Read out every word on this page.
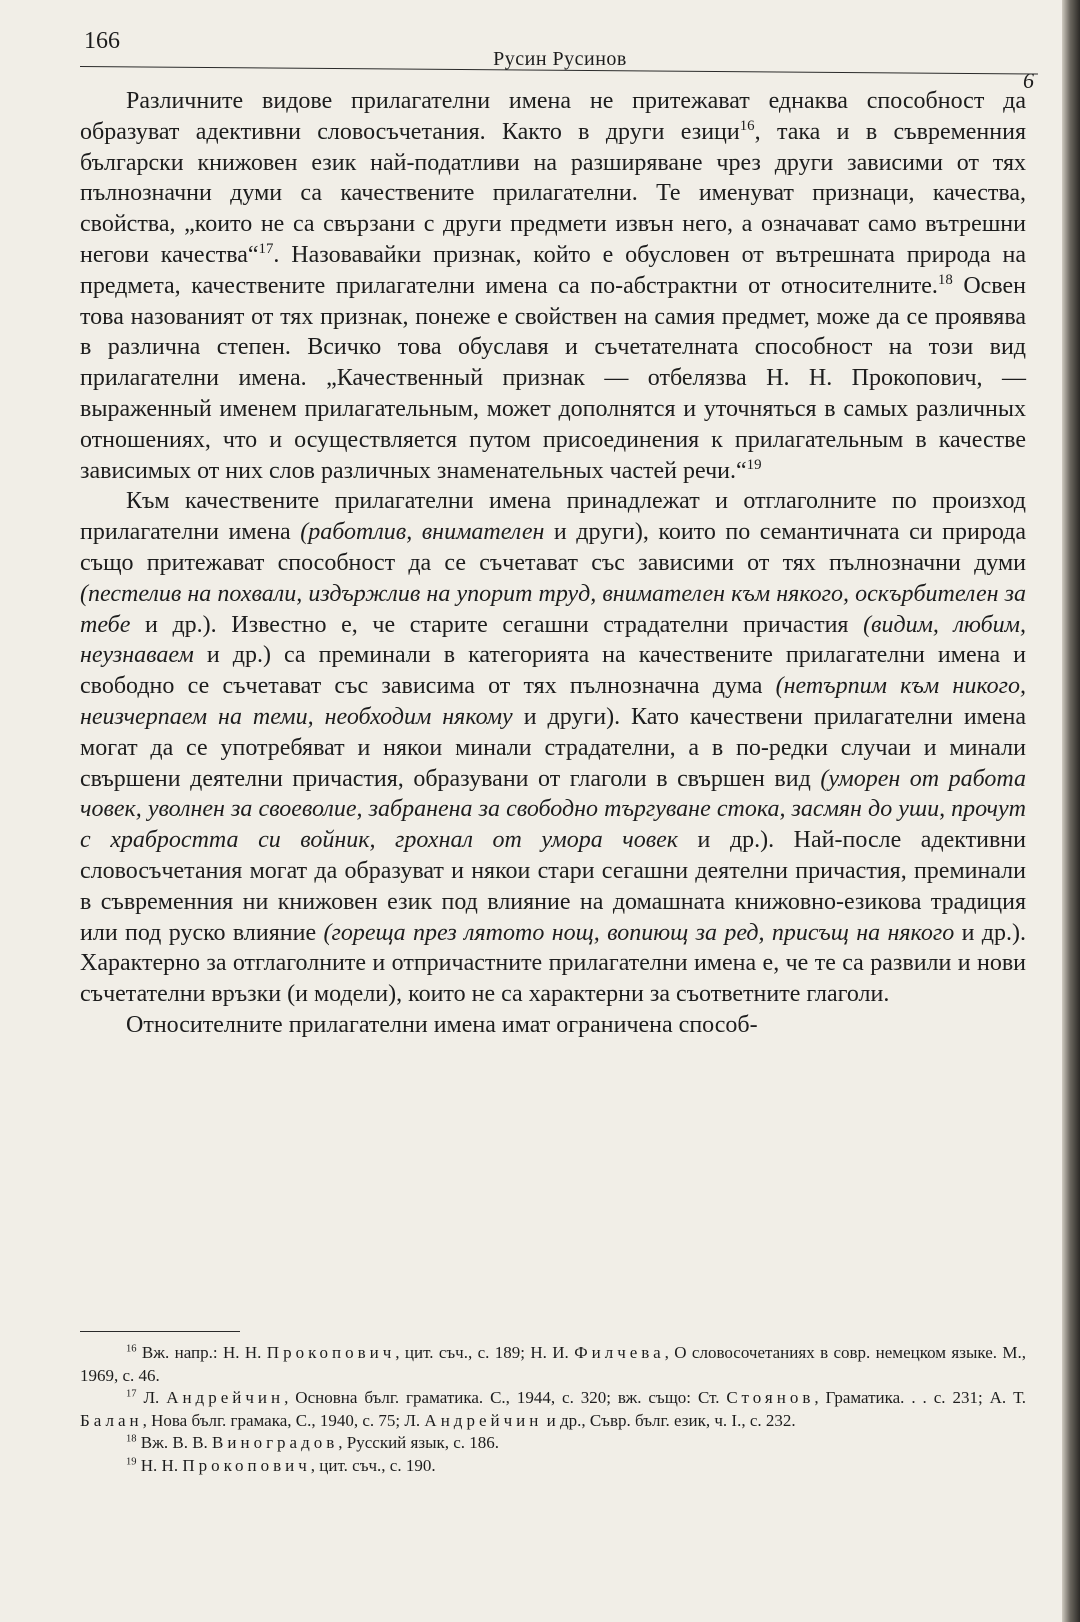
166
Русин Русинов
6

Различните видове прилагателни имена не притежават еднаква способност да образуват адективни словосъчетания. Както в други езици$^{16}$, така и в съвременния български книжовен език най-податливи на разширяване чрез други зависими от тях пълнозначни думи са качествените прилагателни. Те именуват признаци, качества, свойства, „които не са свързани с други предмети извън него, а означават само вътрешни негови качества“$^{17}$. Назовавайки признак, който е обусловен от вътрешната природа на предмета, качествените прилагателни имена са по-абстрактни от относителните.$^{18}$ Освен това назованият от тях признак, понеже е свойствен на самия предмет, може да се проявява в различна степен. Всичко това обуславя и съчетателната способност на този вид прилагателни имена. „Качественный признак — отбелязва Н. Н. Прокопович, — выраженный именем прилагательным, может дополнятся и уточняться в самых различных отношениях, что и осуществляется путом присоединения к прилагательным в качестве зависимых от них слов различных знаменательных частей речи.“$^{19}$

Към качествените прилагателни имена принадлежат и отглаголните по произход прилагателни имена (работлив, внимателен и други), които по семантичната си природа също притежават способност да се съчетават със зависими от тях пълнозначни думи (пестелив на похвали, издържлив на упорит труд, внимателен към някого, оскърбителен за тебе и др.). Известно е, че старите сегашни страдателни причастия (видим, любим, неузнаваем и др.) са преминали в категорията на качествените прилагателни имена и свободно се съчетават със зависима от тях пълнозначна дума (нетърпим към никого, неизчерпаем на теми, необходим някому и други). Като качествени прилагателни имена могат да се употребяват и някои минали страдателни, а в по-редки случаи и минали свършени деятелни причастия, образувани от глаголи в свършен вид (уморен от работа човек, уволнен за своеволие, забранена за свободно търгуване стока, засмян до уши, прочут с храбростта си войник, грохнал от умора човек и др.). Най-после адективни словосъчетания могат да образуват и някои стари сегашни деятелни причастия, преминали в съвременния ни книжовен език под влияние на домашната книжовно-езикова традиция или под руско влияние (горещa през лятото нощ, вопиющ за ред, присъщ на някого и др.). Характерно за отглаголните и отпричастните прилагателни имена е, че те са развили и нови съчетателни връзки (и модели), които не са характерни за съответните глаголи.

Относителните прилагателни имена имат ограничена способ-

$^{16}$ Вж. напр.: Н. Н. Прокопович, цит. съч., с. 189; Н. И. Филчева, О словосочетаниях в совр. немецком языке. М., 1969, с. 46.

$^{17}$ Л. Андрейчин, Основна бълг. граматика. С., 1944, с. 320; вж. също: Ст. Стоянов, Граматика. . . с. 231; А. Т. Балан, Нова бълг. грамака, С., 1940, с. 75; Л. Андрейчин и др., Съвр. бълг. език, ч. I., с. 232.

$^{18}$ Вж. В. В. Виноградов, Русский язык, с. 186.

$^{19}$ Н. Н. Прокопович, цит. съч., с. 190.
